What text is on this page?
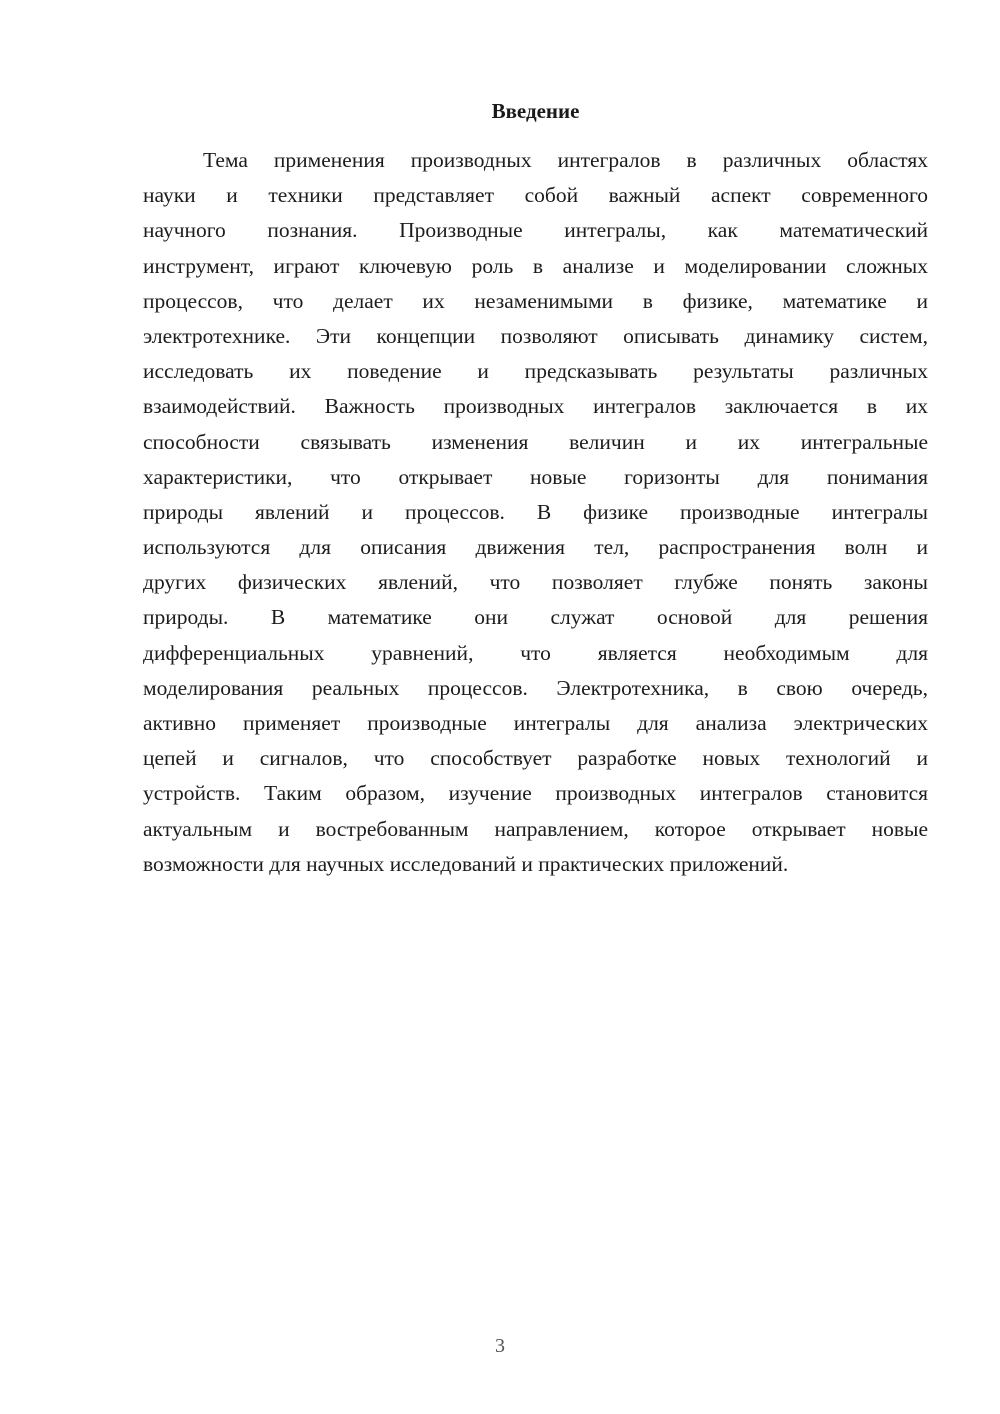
Введение
Тема применения производных интегралов в различных областях
науки и техники представляет собой важный аспект современного
научного познания. Производные интегралы, как математический
инструмент, играют ключевую роль в анализе и моделировании сложных
процессов, что делает их незаменимыми в физике, математике и
электротехнике. Эти концепции позволяют описывать динамику систем,
исследовать их поведение и предсказывать результаты различных
взаимодействий. Важность производных интегралов заключается в их
способности связывать изменения величин и их интегральные
характеристики, что открывает новые горизонты для понимания
природы явлений и процессов. В физике производные интегралы
используются для описания движения тел, распространения волн и
других физических явлений, что позволяет глубже понять законы
природы. В математике они служат основой для решения
дифференциальных уравнений, что является необходимым для
моделирования реальных процессов. Электротехника, в свою очередь,
активно применяет производные интегралы для анализа электрических
цепей и сигналов, что способствует разработке новых технологий и
устройств. Таким образом, изучение производных интегралов становится
актуальным и востребованным направлением, которое открывает новые
возможности для научных исследований и практических приложений.
3
